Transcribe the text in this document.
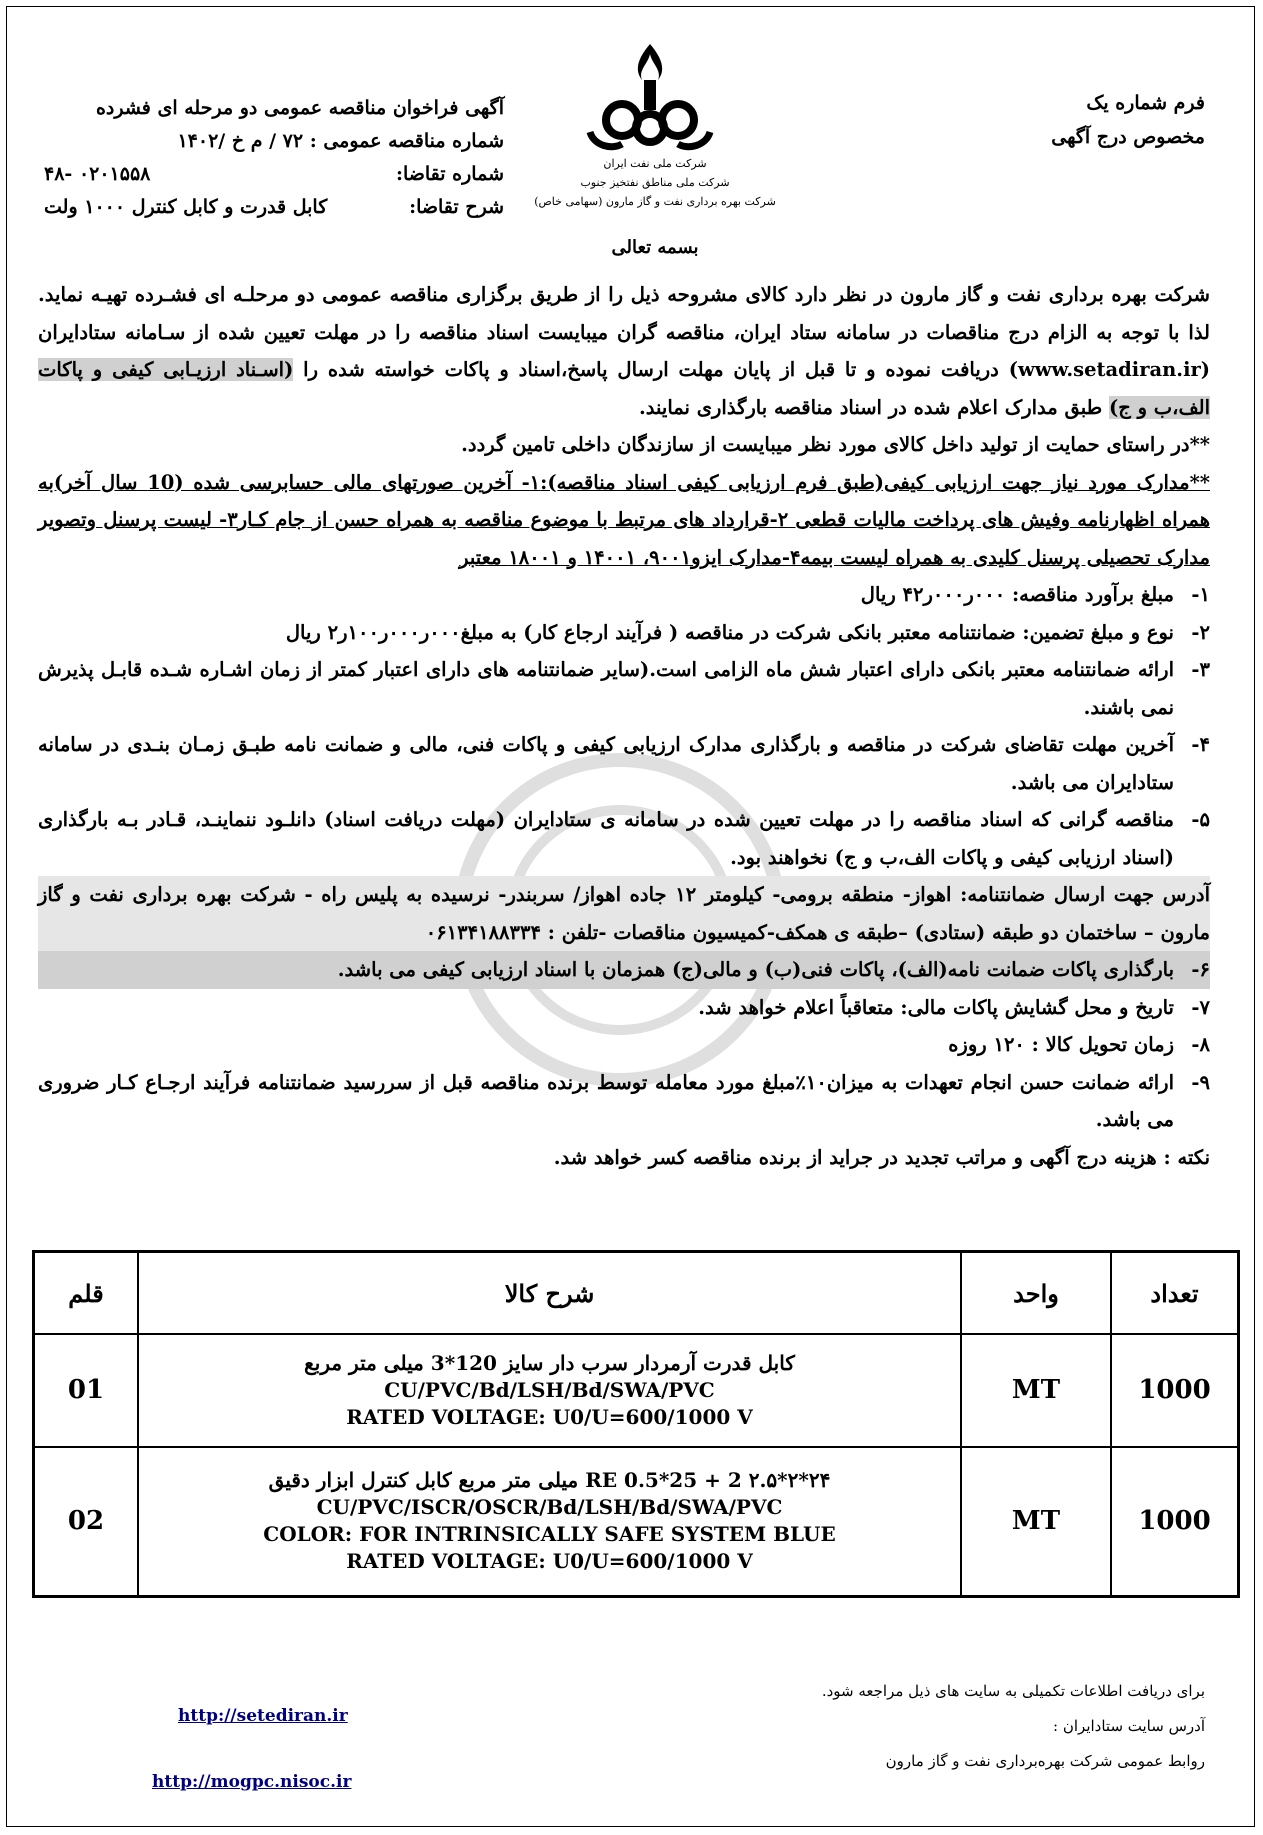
فرم شماره یک
مخصوص درج آگهی
شرکت ملی نفت ایران
شرکت ملی مناطق نفتخیز جنوب
شرکت بهره برداری نفت و گاز مارون (سهامی خاص)
آگهی فراخوان مناقصه عمومی دو مرحله ای فشرده
شماره مناقصه عمومی : ۷۲ / م خ /۱۴۰۲
شماره تقاضا:
۰۲۰۱۵۵۸ -۴۸
شرح تقاضا:
کابل قدرت و کابل کنترل ۱۰۰۰ ولت
بسمه تعالی

شرکت بهره برداری نفت و گاز مارون در نظر دارد کالای مشروحه ذیل را از طریق برگزاری مناقصه عمومی دو مرحلـه ای فشـرده تهیـه نماید. لذا با توجه به الزام درج مناقصات در سامانه ستاد ایران، مناقصه گران میبایست اسناد مناقصه را در مهلت تعیین شده از سـامانه ستادایران (www.setadiran.ir) دریافت نموده و تا قبل از پایان مهلت ارسال پاسخ،اسناد و پاکات خواسته شده را (اسـناد ارزیـابی کیفی و پاکات الف،ب و ج) طبق مدارک اعلام شده در اسناد مناقصه بارگذاری نمایند.

**در راستای حمایت از تولید داخل کالای مورد نظر میبایست از سازندگان داخلی تامین گردد.

**مدارک مورد نیاز جهت ارزیابی کیفی(طبق فرم ارزیابی کیفی اسناد مناقصه):۱- آخرین صورتهای مالی حسابرسی شده (10 سال آخر)به همراه اظهارنامه وفیش های پرداخت مالیات قطعی ۲-قرارداد های مرتبط با موضوع مناقصه به همراه حسن از جام کـار۳- لیست پرسنل وتصویر مدارک تحصیلی پرسنل کلیدی به همراه لیست بیمه۴-مدارک ایزو۹۰۰۱، ۱۴۰۰۱ و ۱۸۰۰۱ معتبر

۱-
مبلغ برآورد مناقصه: ۰۰۰ر۰۰۰ر۴۲ ریال
۲-
نوع و مبلغ تضمین: ضمانتنامه معتبر بانکی شرکت در مناقصه ( فرآیند ارجاع کار) به مبلغ۰۰۰ر۰۰۰ر۱۰۰ر۲ ریال
۳-
ارائه ضمانتنامه معتبر بانکی دارای اعتبار شش ماه الزامی است.(سایر ضمانتنامه های دارای اعتبار کمتر از زمان اشـاره شـده قابـل پذیرش نمی باشند.
۴-
آخرین مهلت تقاضای شرکت در مناقصه و بارگذاری مدارک ارزیابی کیفی و پاکات فنی، مالی و ضمانت نامه طبـق زمـان بنـدی در سامانه ستادایران می باشد.
۵-
مناقصه گرانی که اسناد مناقصه را در مهلت تعیین شده در سامانه ی ستادایران (مهلت دریافت اسناد) دانلـود ننماینـد، قـادر بـه بارگذاری (اسناد ارزیابی کیفی و پاکات الف،ب و ج) نخواهند بود.

آدرس جهت ارسال ضمانتنامه: اهواز- منطقه برومی- کیلومتر ۱۲ جاده اهواز/ سربندر- نرسیده به پلیس راه - شرکت بهره برداری نفت و گاز مارون – ساختمان دو طبقه (ستادی) –طبقه ی همکف-کمیسیون مناقصات -تلفن : ۰۶۱۳۴۱۸۸۳۳۴

۶-
بارگذاری پاکات ضمانت نامه(الف)، پاکات فنی(ب) و مالی(ج) همزمان با اسناد ارزیابی کیفی می باشد.
۷-
تاریخ و محل گشایش پاکات مالی: متعاقباً اعلام خواهد شد.
۸-
زمان تحویل کالا : ۱۲۰ روزه
۹-
ارائه ضمانت حسن انجام تعهدات به میزان۱۰٪مبلغ مورد معامله توسط برنده مناقصه قبل از سررسید ضمانتنامه فرآیند ارجـاع کـار ضروری می باشد.

نکته : هزینه درج آگهی و مراتب تجدید در جراید از برنده مناقصه کسر خواهد شد.

تعداد	واحد	شرح کالا	قلم
1000	MT	کابل قدرت آرمردار سرب دار سایز 120*3 میلی متر مربع
CU/PVC/Bd/LSH/Bd/SWA/PVC
RATED VOLTAGE: U0/U=600/1000 V	01
1000	MT	۲۴*۲*۲.۵ RE 0.5*25 + 2 میلی متر مربع کابل کنترل ابزار دقیق
CU/PVC/ISCR/OSCR/Bd/LSH/Bd/SWA/PVC
COLOR: FOR INTRINSICALLY SAFE SYSTEM BLUE
RATED VOLTAGE: U0/U=600/1000 V	02
برای دریافت اطلاعات تکمیلی به سایت های ذیل مراجعه شود.
آدرس سایت ستادایران :
روابط عمومی شرکت بهره‌برداری نفت و گاز مارون
http://setediran.ir
http://mogpc.nisoc.ir
